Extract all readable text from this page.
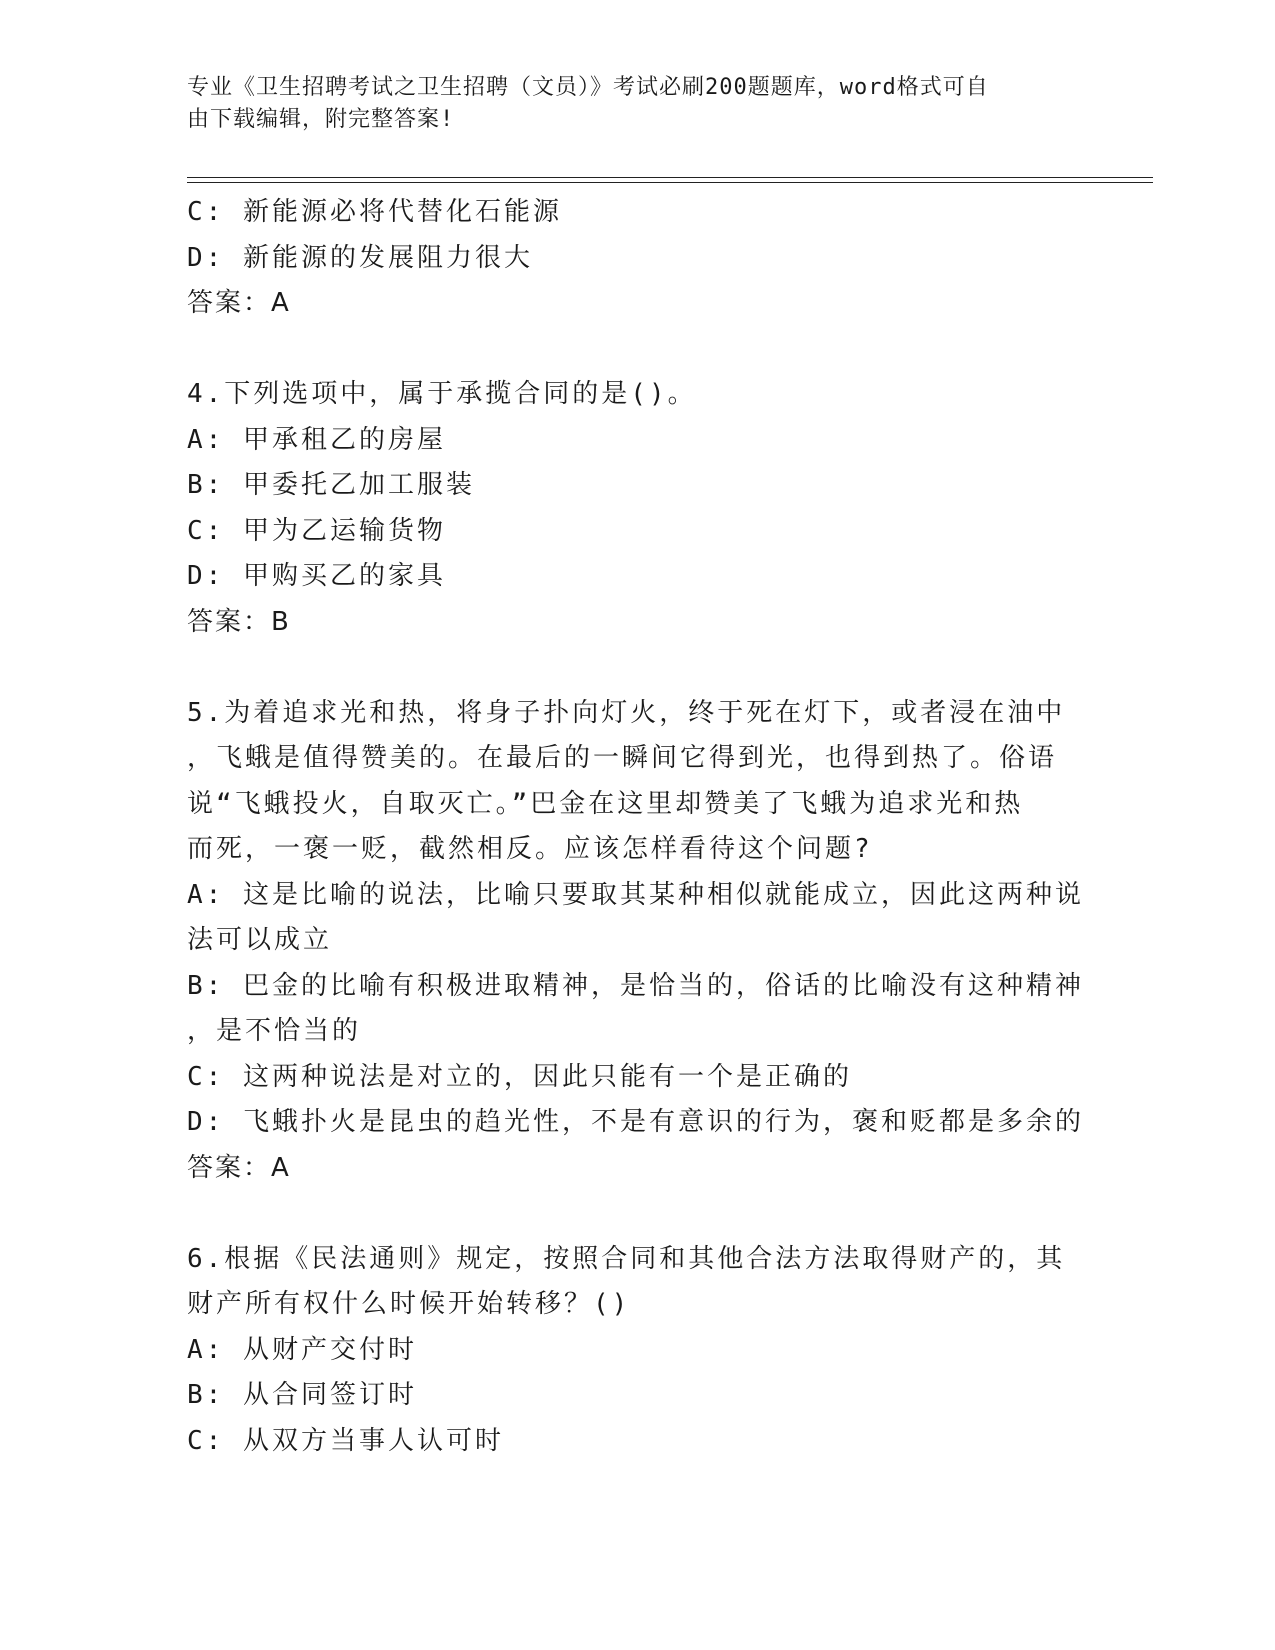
专业《卫生招聘考试之卫生招聘（文员）》考试必刷200题题库，word格式可自
由下载编辑，附完整答案!
C: 新能源必将代替化石能源
D: 新能源的发展阻力很大
答案：A
4.下列选项中，属于承揽合同的是()。
A: 甲承租乙的房屋
B: 甲委托乙加工服装
C: 甲为乙运输货物
D: 甲购买乙的家具
答案：B
5.为着追求光和热，将身子扑向灯火，终于死在灯下，或者浸在油中
，飞蛾是值得赞美的。在最后的一瞬间它得到光，也得到热了。俗语
说“飞蛾投火，自取灭亡。”巴金在这里却赞美了飞蛾为追求光和热
而死，一褒一贬，截然相反。应该怎样看待这个问题?
A: 这是比喻的说法，比喻只要取其某种相似就能成立，因此这两种说
法可以成立
B: 巴金的比喻有积极进取精神，是恰当的，俗话的比喻没有这种精神
，是不恰当的
C: 这两种说法是对立的，因此只能有一个是正确的
D: 飞蛾扑火是昆虫的趋光性，不是有意识的行为，褒和贬都是多余的
答案：A
6.根据《民法通则》规定，按照合同和其他合法方法取得财产的，其
财产所有权什么时候开始转移？()
A: 从财产交付时
B: 从合同签订时
C: 从双方当事人认可时
